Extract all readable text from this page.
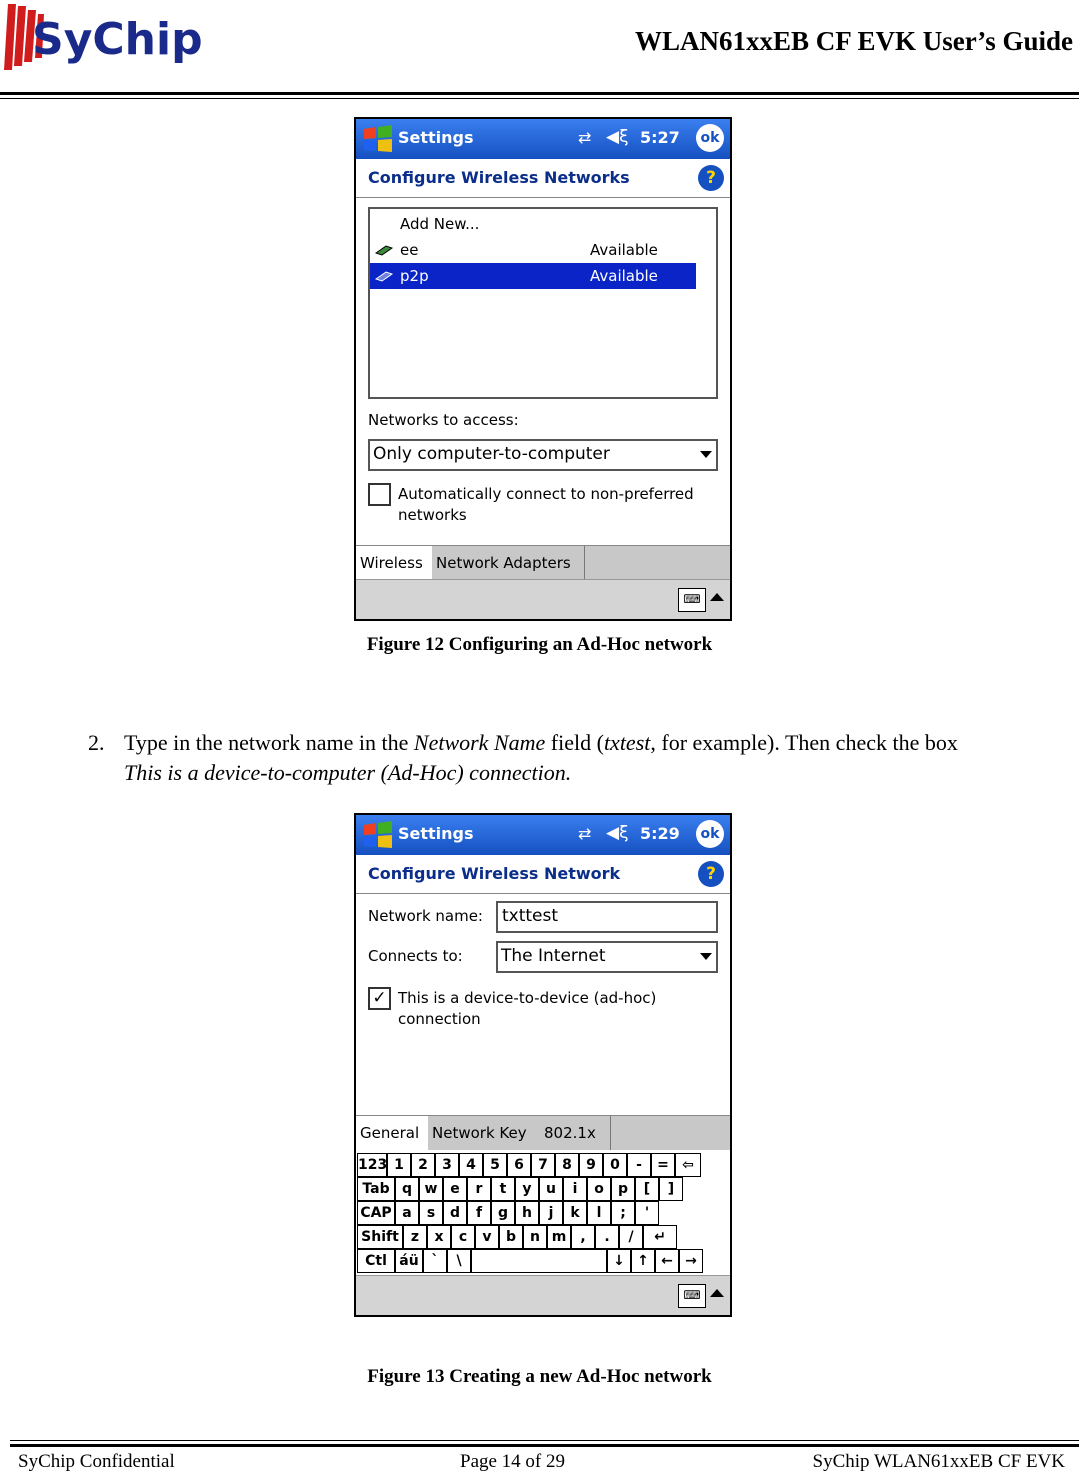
SyChip	WLAN61xxEB CF EVK User’s Guide
Settings	⇄ ◀ξ 5:27	ok
Configure Wireless Networks	?
Add New...
ee	Available
p2p	Available
Networks to access:
Only computer-to-computer
Automatically connect to non-preferred
networks
Wireless Network Adapters
⌨
Figure 12 Configuring an Ad-Hoc network
2. Type in the network name in the Network Name field (txtest, for example). Then check the box
This is a device-to-computer (Ad-Hoc) connection.
Settings	⇄ ◀ξ 5:29	ok
Configure Wireless Network	?
Network name: txttest
Connects to: The Internet
✓ This is a device-to-device (ad-hoc)
connection
General Network Key	802.1x
123 1	2	3	4	5	6	7	8	9	0	-	= ⇦
Tab q w e	r	t	y	u	i	o	p	[	]
CAP a	s	d	f	g	h	j	k	l	;	'
Shift z	x	c	v	b	n m	,	.	/	↵
Ctl áü `	\	↓ ↑ ← →
⌨
Figure 13 Creating a new Ad-Hoc network
SyChip Confidential	Page 14 of 29	SyChip WLAN61xxEB CF EVK
